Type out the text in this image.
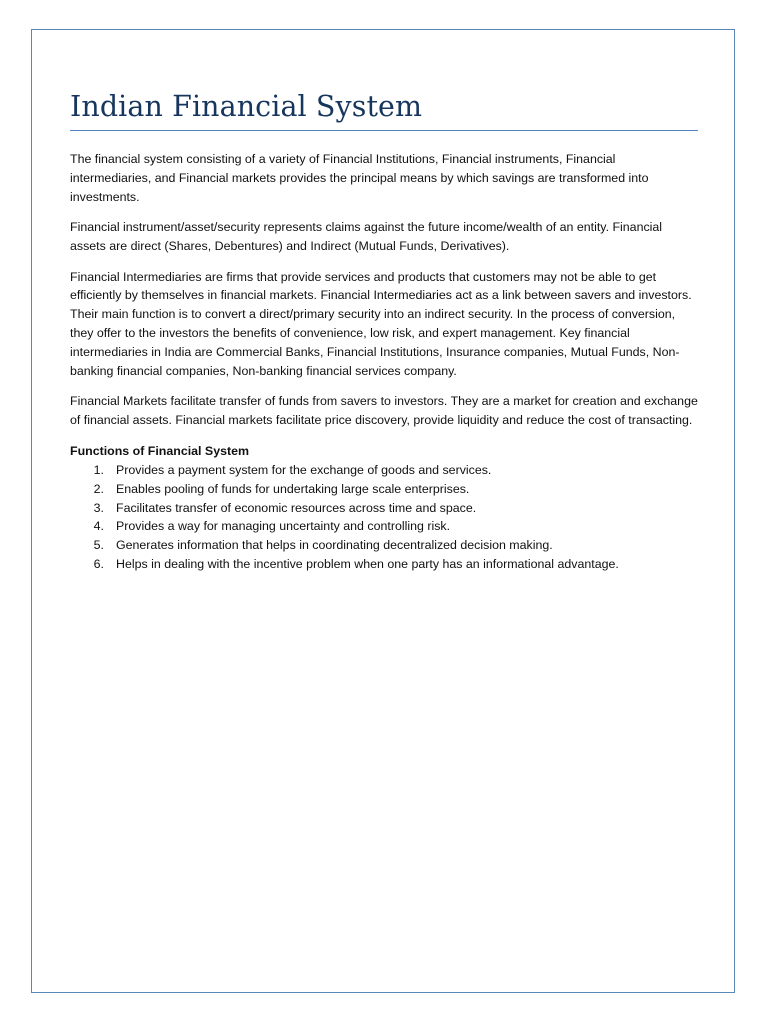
Indian Financial System

The financial system consisting of a variety of Financial Institutions, Financial instruments, Financial intermediaries, and Financial markets provides the principal means by which savings are transformed into investments.

Financial instrument/asset/security represents claims against the future income/wealth of an entity. Financial assets are direct (Shares, Debentures) and Indirect (Mutual Funds, Derivatives).

Financial Intermediaries are firms that provide services and products that customers may not be able to get efficiently by themselves in financial markets. Financial Intermediaries act as a link between savers and investors. Their main function is to convert a direct/primary security into an indirect security. In the process of conversion, they offer to the investors the benefits of convenience, low risk, and expert management. Key financial intermediaries in India are Commercial Banks, Financial Institutions, Insurance companies, Mutual Funds, Non-banking financial companies, Non-banking financial services company.

Financial Markets facilitate transfer of funds from savers to investors. They are a market for creation and exchange of financial assets. Financial markets facilitate price discovery, provide liquidity and reduce the cost of transacting.

Functions of Financial System
1. Provides a payment system for the exchange of goods and services.
2. Enables pooling of funds for undertaking large scale enterprises.
3. Facilitates transfer of economic resources across time and space.
4. Provides a way for managing uncertainty and controlling risk.
5. Generates information that helps in coordinating decentralized decision making.
6. Helps in dealing with the incentive problem when one party has an informational advantage.
